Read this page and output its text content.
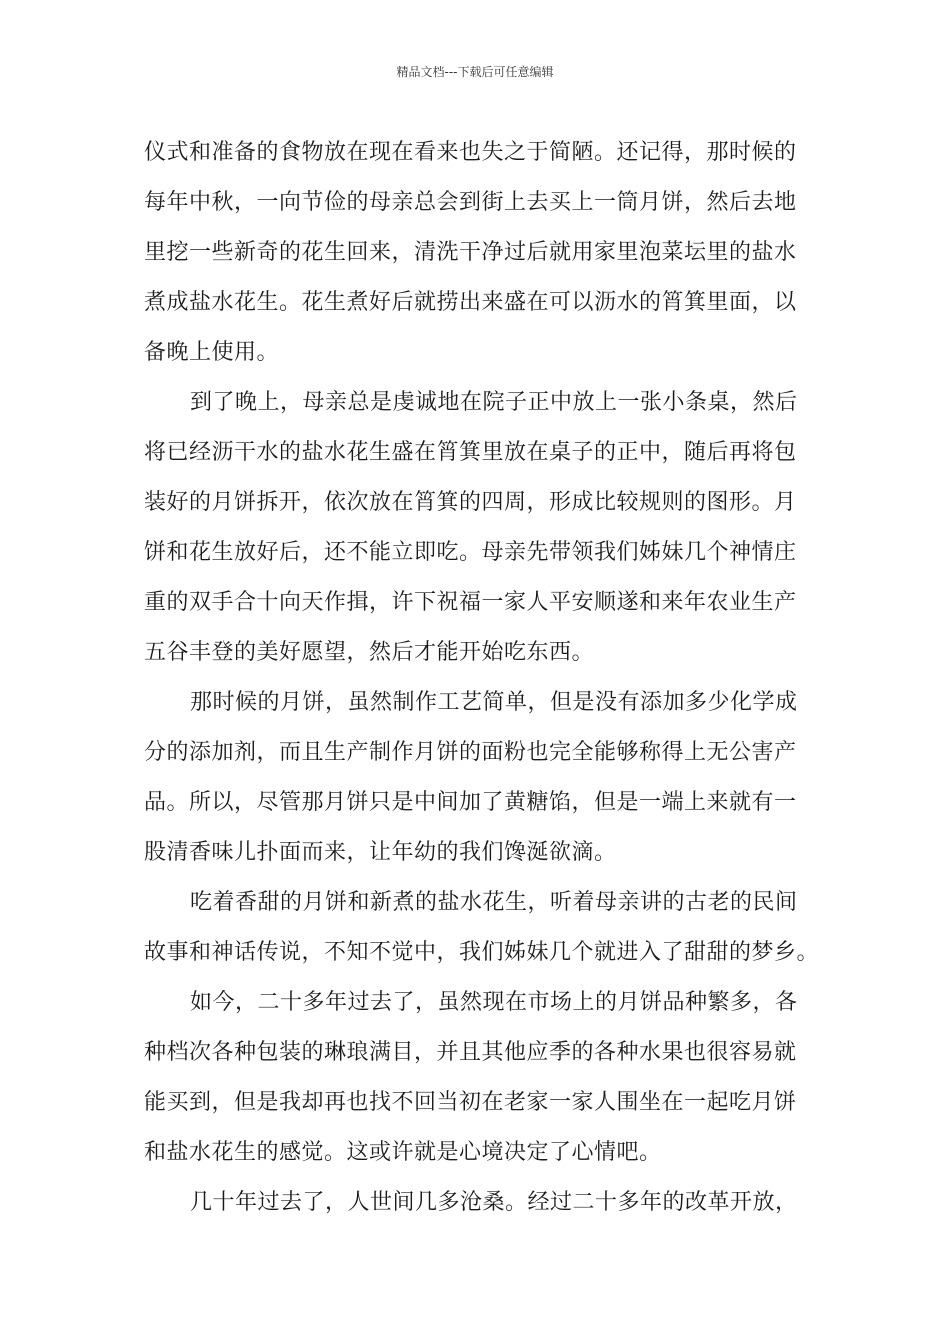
精品文档---下载后可任意编辑
仪式和准备的食物放在现在看来也失之于简陋。还记得，那时候的
每年中秋，一向节俭的母亲总会到街上去买上一筒月饼，然后去地
里挖一些新奇的花生回来，清洗干净过后就用家里泡菜坛里的盐水
煮成盐水花生。花生煮好后就捞出来盛在可以沥水的筲箕里面，以
备晚上使用。
到了晚上，母亲总是虔诚地在院子正中放上一张小条桌，然后
将已经沥干水的盐水花生盛在筲箕里放在桌子的正中，随后再将包
装好的月饼拆开，依次放在筲箕的四周，形成比较规则的图形。月
饼和花生放好后，还不能立即吃。母亲先带领我们姊妹几个神情庄
重的双手合十向天作揖，许下祝福一家人平安顺遂和来年农业生产
五谷丰登的美好愿望，然后才能开始吃东西。
那时候的月饼，虽然制作工艺简单，但是没有添加多少化学成
分的添加剂，而且生产制作月饼的面粉也完全能够称得上无公害产
品。所以，尽管那月饼只是中间加了黄糖馅，但是一端上来就有一
股清香味儿扑面而来，让年幼的我们馋涎欲滴。
吃着香甜的月饼和新煮的盐水花生，听着母亲讲的古老的民间
故事和神话传说，不知不觉中，我们姊妹几个就进入了甜甜的梦乡。
如今，二十多年过去了，虽然现在市场上的月饼品种繁多，各
种档次各种包装的琳琅满目，并且其他应季的各种水果也很容易就
能买到，但是我却再也找不回当初在老家一家人围坐在一起吃月饼
和盐水花生的感觉。这或许就是心境决定了心情吧。
几十年过去了，人世间几多沧桑。经过二十多年的改革开放，
